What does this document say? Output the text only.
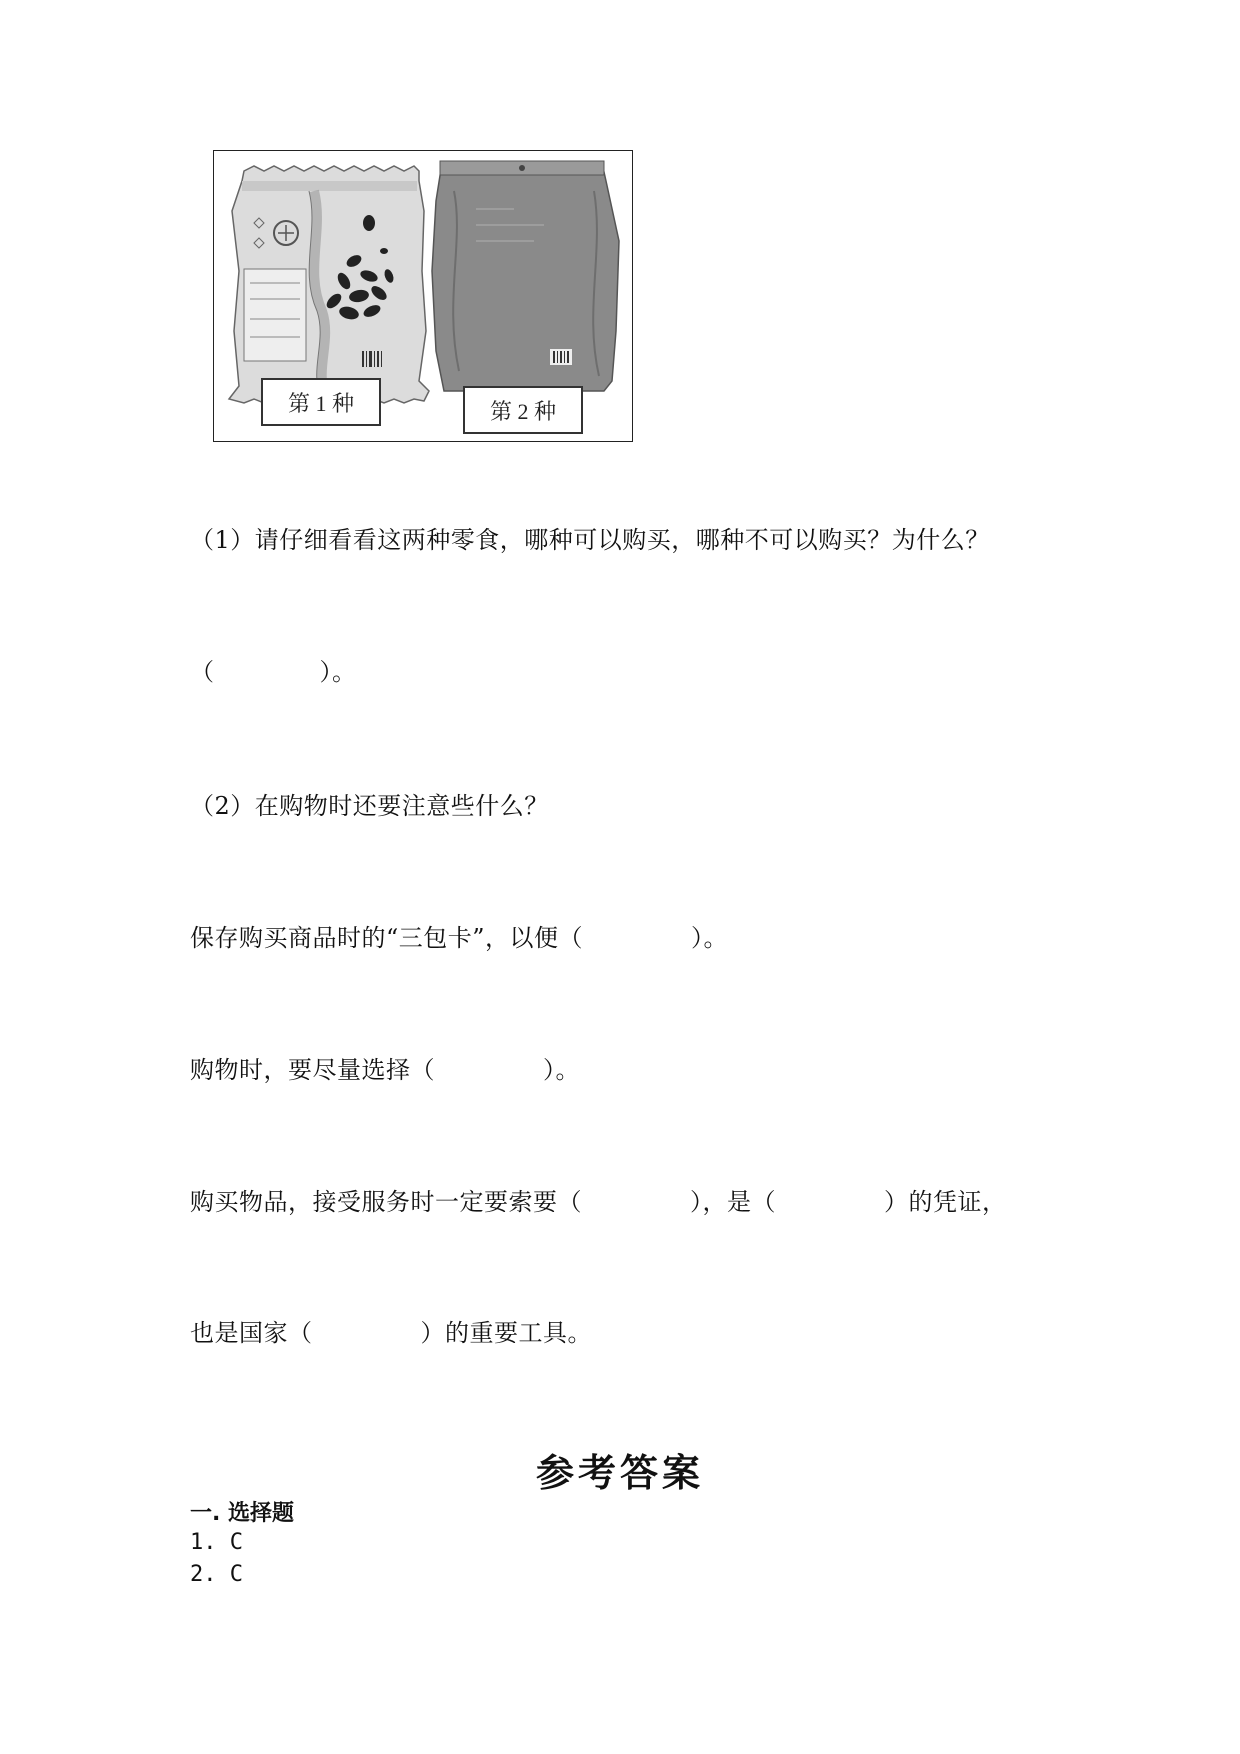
第 1 种	第 2 种
（1）请仔细看看这两种零食，哪种可以购买，哪种不可以购买？为什么？
（	）。
（2）在购物时还要注意些什么？
保存购买商品时的“三包卡”，以便（	）。
购物时，要尽量选择（	）。
购买物品，接受服务时一定要索要（	），是（	）的凭证，
也是国家（	）的重要工具。
参考答案
一. 选择题
1. C
2. C
